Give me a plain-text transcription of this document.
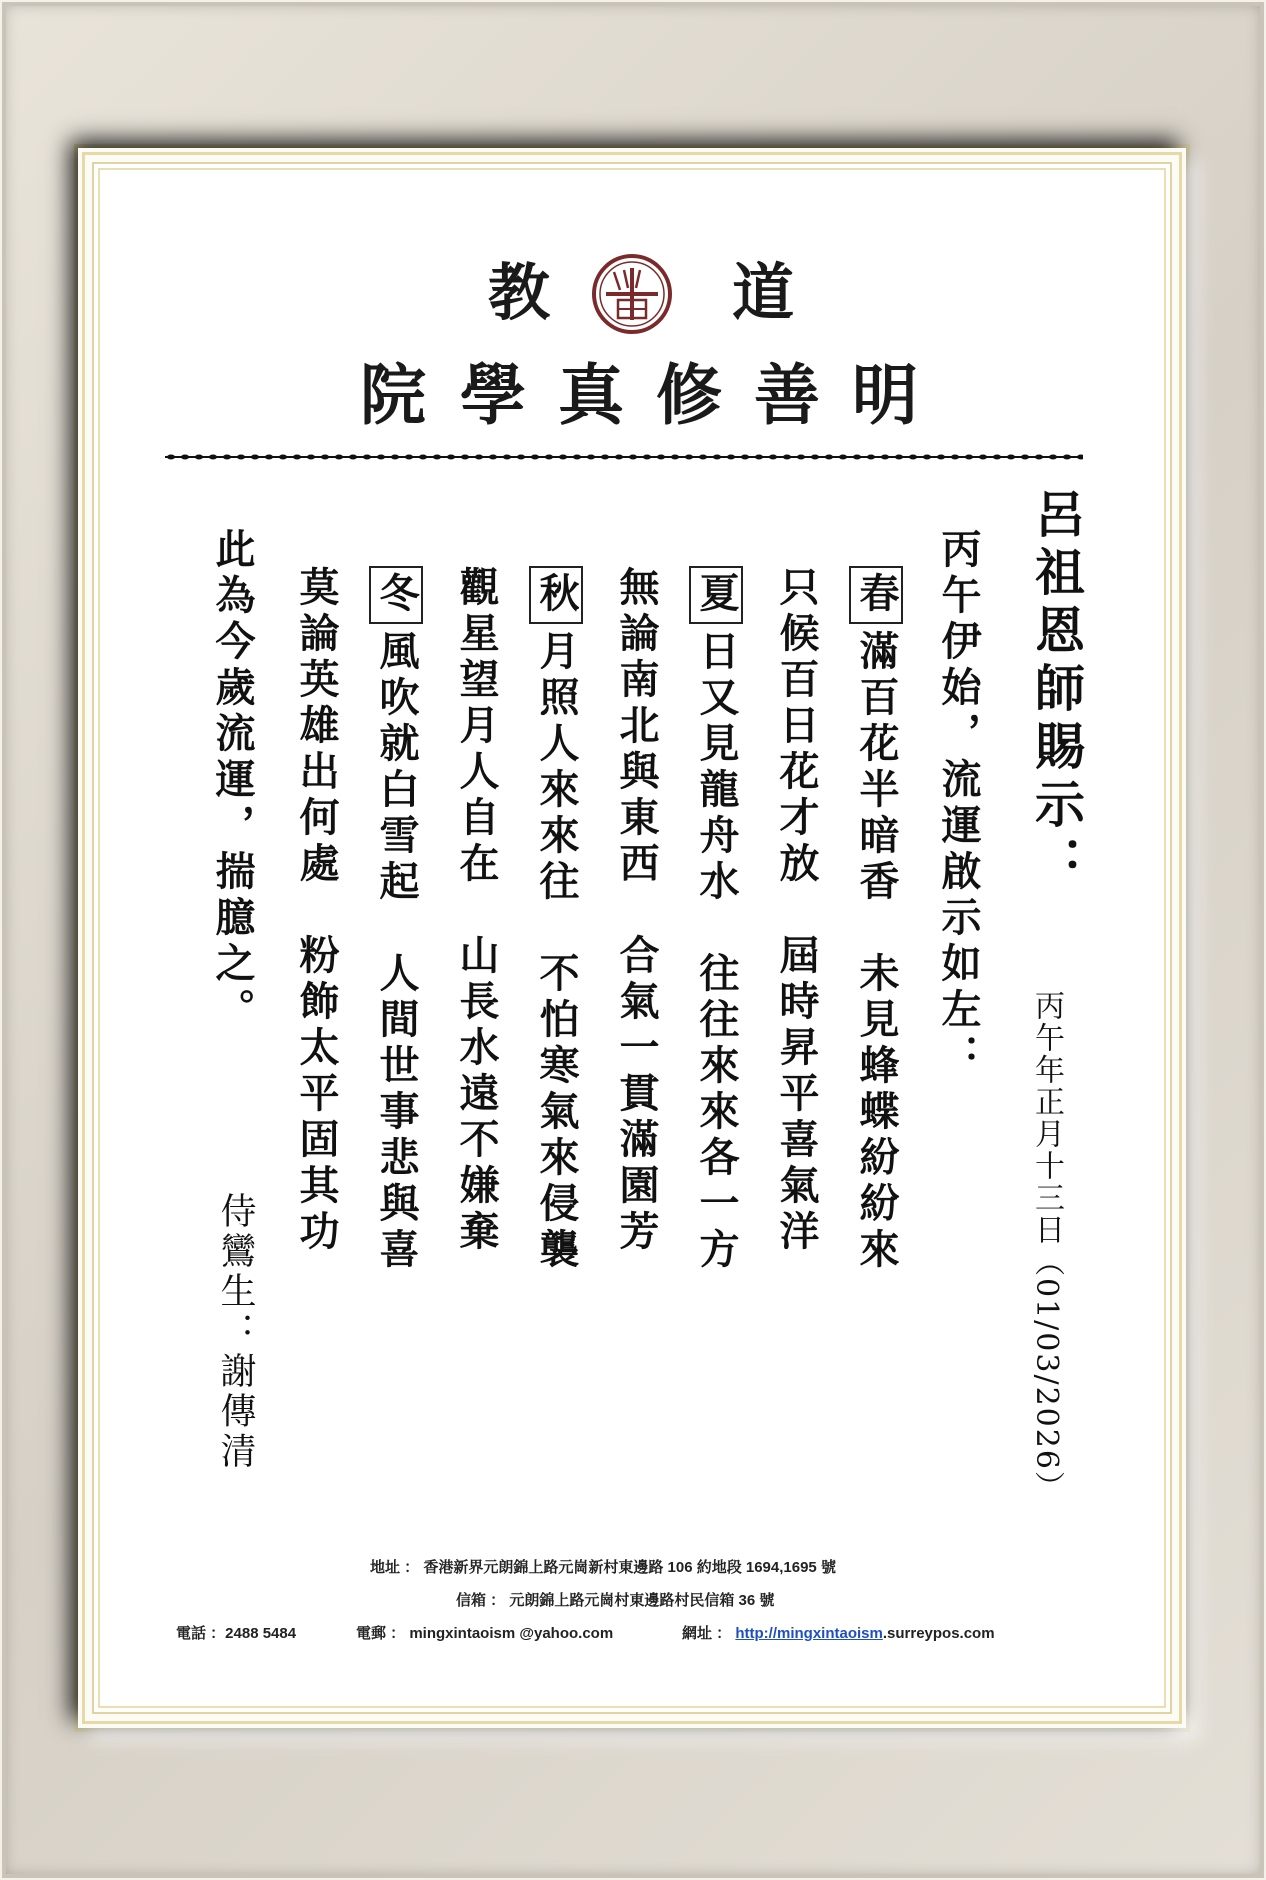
教	道
院 學 真 修 善 明
呂祖恩師賜示：
丙午年正月十三日（01/03/2026）
丙午伊始，流運啟示如左：
春滿百花半暗香　未見蜂蝶紛紛來
只候百日花才放　屆時昇平喜氣洋
夏日又見龍舟水　往往來來各一方
無論南北與東西　合氣一貫滿園芳
秋月照人來來往　不怕寒氣來侵襲
觀星望月人自在　山長水遠不嫌棄
冬風吹就白雪起　人間世事悲與喜
莫論英雄出何處　粉飾太平固其功
此為今歲流運，揣臆之。
侍鸞生：謝傳清
地址 ： 香港新界元朗錦上路元崗新村東邊路 106 約地段 1694,1695 號
信箱 ： 元朗錦上路元崗村東邊路村民信箱 36 號
電話 ：2488 5484	電郵 ： mingxintaoism @yahoo.com	網址 ： http://mingxintaoism.surreypos.com
